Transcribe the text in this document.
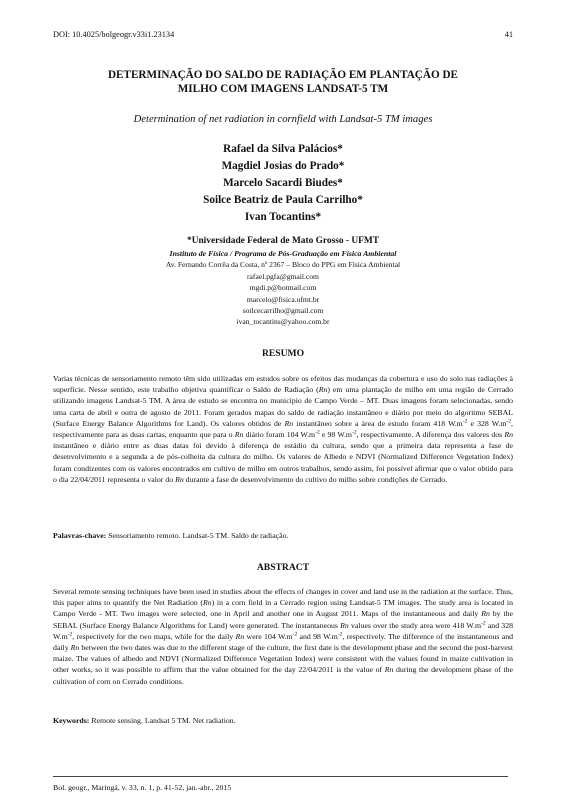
DOI: 10.4025/bolgeogr.v33i1.23134	41
DETERMINAÇÃO DO SALDO DE RADIAÇÃO EM PLANTAÇÃO DE
MILHO COM IMAGENS LANDSAT-5 TM
Determination of net radiation in cornfield with Landsat-5 TM images
Rafael da Silva Palácios*
Magdiel Josias do Prado*
Marcelo Sacardi Biudes*
Soilce Beatriz de Paula Carrilho*
Ivan Tocantins*
*Universidade Federal de Mato Grosso - UFMT
Instituto de Física / Programa de Pós-Graduação em Física Ambiental
Av. Fernando Corrêa da Costa, nº 2367 – Bloco do PPG em Física Ambiental
rafael.pgfa@gmail.com
mgdi.p@hotmail.com
marcelo@fisica.ufmt.br
soilcecarrilho@gmail.com
ivan_tocantins@yahoo.com.br
RESUMO
Varias técnicas de sensoriamento remoto têm sido utilizadas em estudos sobre os efeitos das mudanças da cobertura e uso do solo nas radiações à superfície. Nesse sentido, este trabalho objetiva quantificar o Saldo de Radiação (Rn) em uma plantação de milho em uma região de Cerrado utilizando imagens Landsat-5 TM. A área de estudo se encontra no município de Campo Verde – MT. Duas imagens foram selecionadas, sendo uma carta de abril e outra de agosto de 2011. Foram gerados mapas do saldo de radiação instantâneo e diário por meio do algoritmo SEBAL (Surface Energy Balance Algorithms for Land). Os valores obtidos de Rn instantâneo sobre a área de estudo foram 418 $W.m^{-2}$ e 328 $W.m^{-2}$, respectivamente para as duas cartas, enquanto que para o Rn diário foram 104 $W.m^{-2}$ e 98 $W.m^{-2}$, respectivamente. A diferença dos valores dos Rn instantâneo e diário entre as duas datas foi devido à diferença de estádio da cultura, sendo que a primeira data representa a fase de desenvolvimento e a segunda a de pós-colheita da cultura do milho. Os valores de Albedo e NDVI (Normalized Difference Vegetation Index) foram condizentes com os valores encontrados em cultivo de milho em outros trabalhos, sendo assim, foi possível afirmar que o valor obtido para o dia 22/04/2011 representa o valor do Rn durante a fase de desenvolvimento do cultivo do milho sobre condições de Cerrado.
Palavras-chave: Sensoriamento remoto. Landsat-5 TM. Saldo de radiação.
ABSTRACT
Several remote sensing techniques have been used in studies about the effects of changes in cover and land use in the radiation at the surface. Thus, this paper aims to quantify the Net Radiation (Rn) in a corn field in a Cerrado region using Landsat-5 TM images. The study area is located in Campo Verde - MT. Two images were selected, one in April and another one in August 2011. Maps of the instantaneous and daily Rn by the SEBAL (Surface Energy Balance Algorithms for Land) were generated. The instantaneous Rn values over the study area were 418 $W.m^{-2}$ and 328 $W.m^{-2}$, respectively for the two maps, while for the daily Rn were 104 $W.m^{-2}$ and 98 $W.m^{-2}$, respectively. The difference of the instantaneous and daily Rn between the two dates was due to the different stage of the culture, the first date is the development phase and the second the post-harvest maize. The values of albedo and NDVI (Normalized Difference Vegetation Index) were consistent with the values found in maize cultivation in other works, so it was possible to affirm that the value obtained for the day 22/04/2011 is the value of Rn during the development phase of the cultivation of corn on Cerrado conditions.
Keywords: Remote sensing. Landsat 5 TM. Net radiation.
Bol. geogr., Maringá, v. 33, n. 1, p. 41-52, jan.-abr., 2015
